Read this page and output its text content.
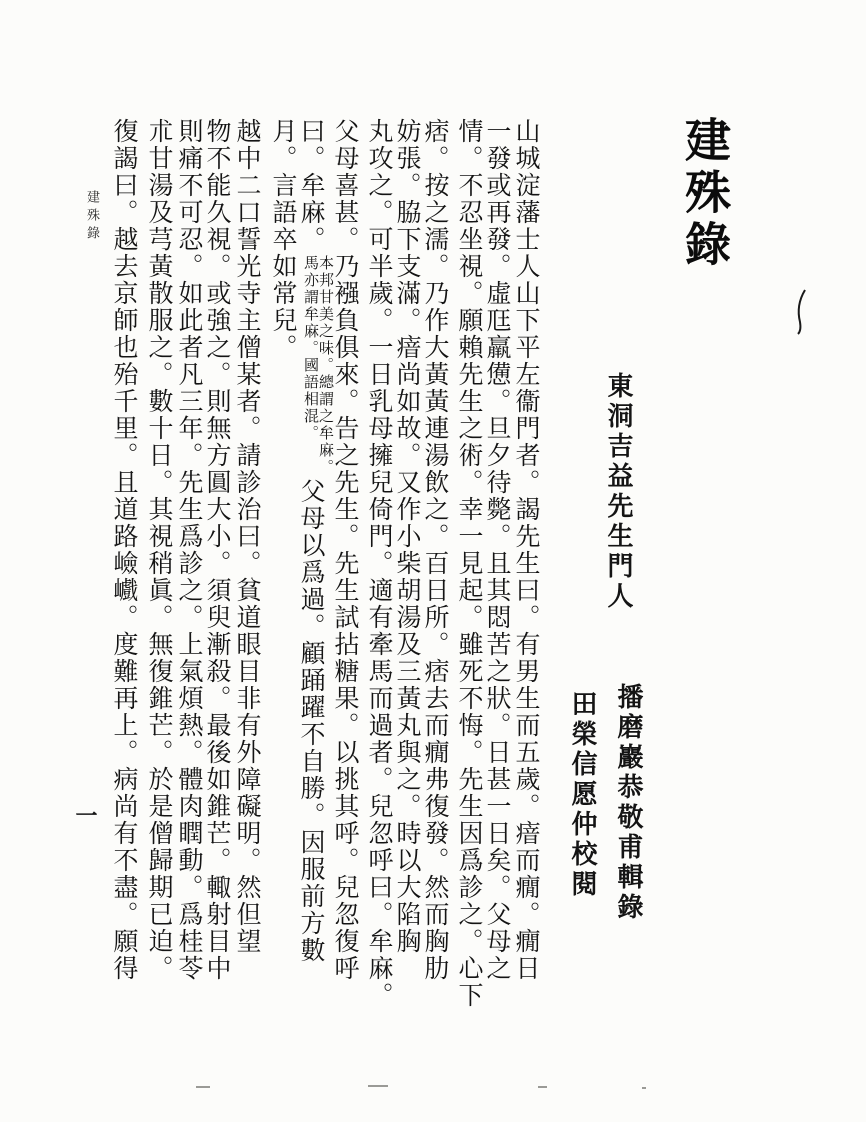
建殊錄
東洞吉益先生門人
播磨巖恭敬甫輯錄
田榮信愿仲校閱
山城淀藩士人山下平左衞門者。謁先生曰。有男生而五歲。瘖而癇。癇日
一發或再發。虛尫羸憊。旦夕待斃。且其悶苦之狀。日甚一日矣。父母之
情。不忍坐視。願賴先生之術。幸一見起。雖死不悔。先生因爲診之。心下
痞。按之濡。乃作大黃黃連湯飲之。百日所。痞去而癇弗復發。然而胸肋
妨張。脇下支滿。瘖尚如故。又作小柴胡湯及三黃丸與之。時以大陷胸
丸攻之。可半歲。一日乳母擁兒倚門。適有牽馬而過者。兒忽呼曰。牟麻。
父母喜甚。乃襁負俱來。告之先生。先生試拈糖果。以挑其呼。兒忽復呼
曰。牟麻。
本邦甘美之味。總謂之牟麻。
馬亦謂牟麻。國語相混。
父母以爲過。顧踊躍不自勝。因服前方數
月。言語卒如常兒。
越中二口誓光寺主僧某者。請診治曰。貧道眼目非有外障礙明。然但望
物不能久視。或強之。則無方圓大小。須臾漸殺。最後如錐芒。輙射目中
則痛不可忍。如此者凡三年。先生爲診之。上氣煩熱。體肉瞤動。爲桂苓
朮甘湯及芎黃散服之。數十日。其視稍眞。無復錐芒。於是僧歸期已迫。
復謁曰。越去京師也殆千里。且道路嶮巇。度難再上。病尚有不盡。願得
建殊錄
一
